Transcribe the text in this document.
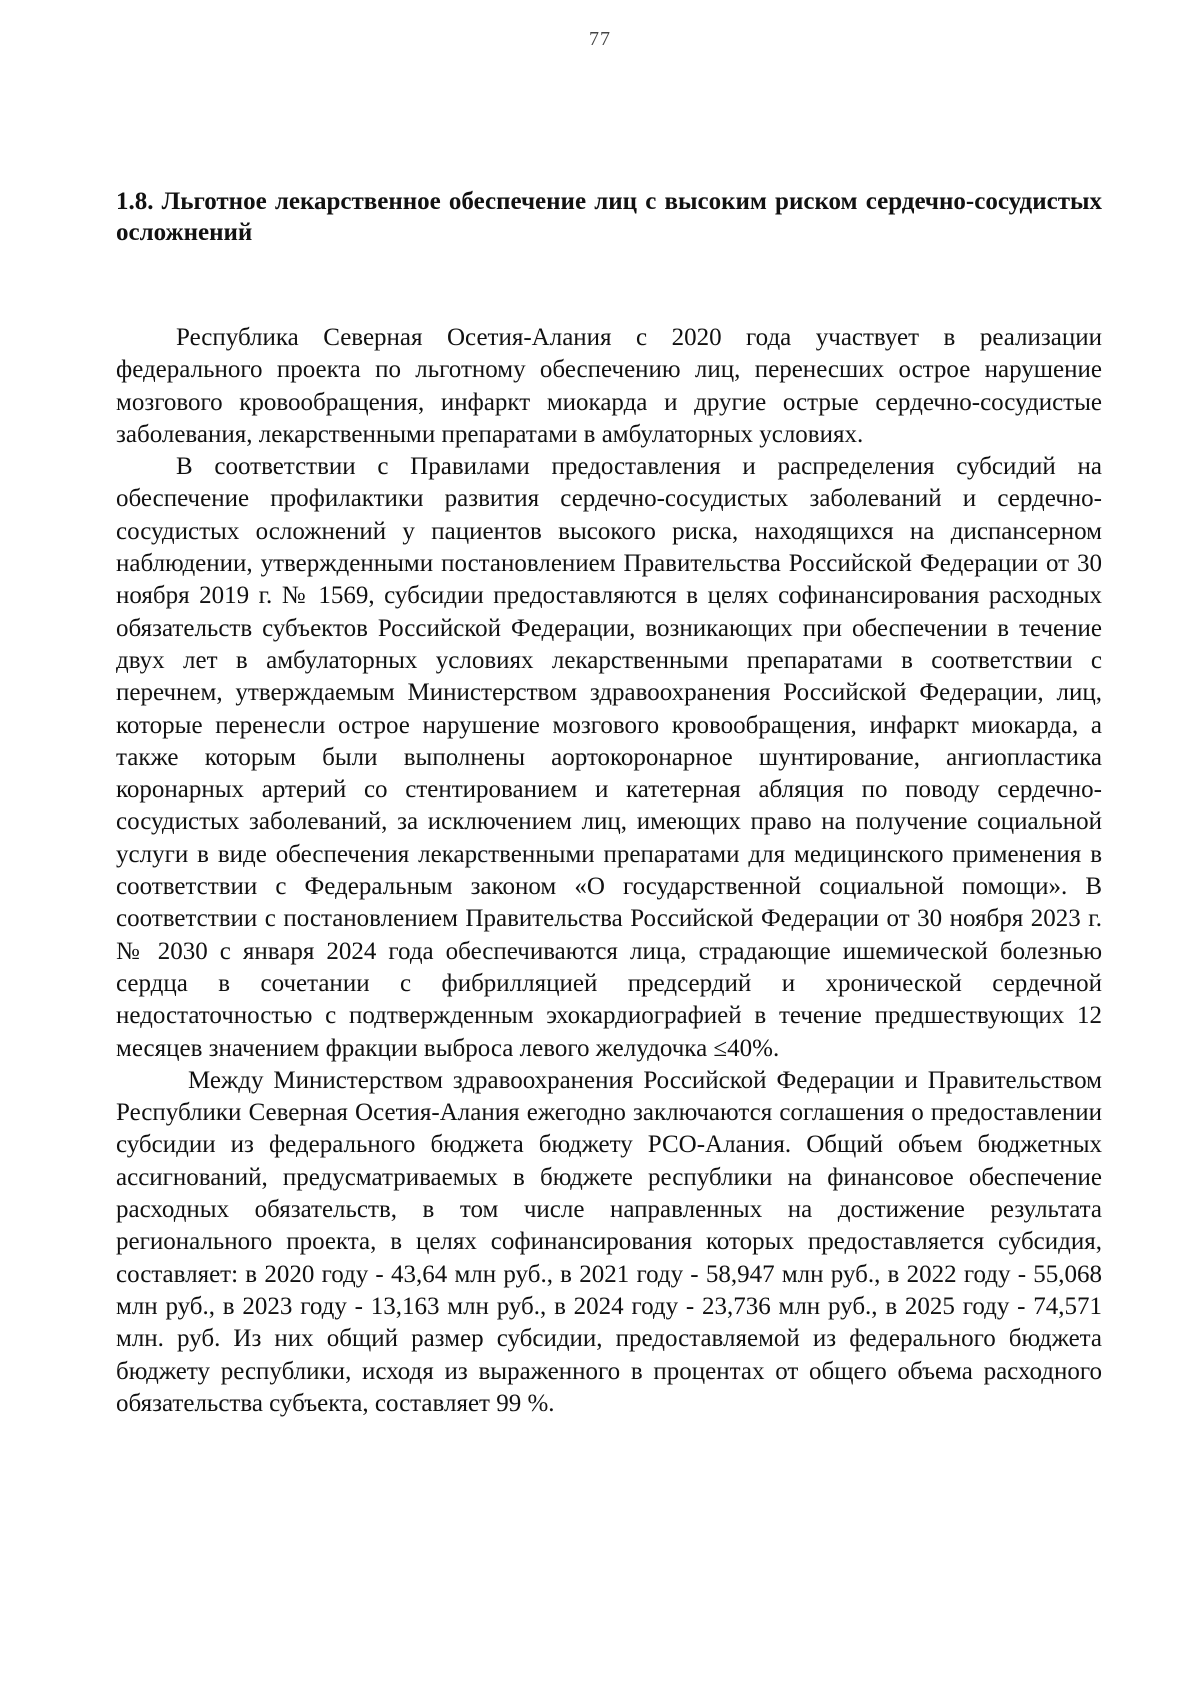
77
1.8. Льготное лекарственное обеспечение лиц с высоким риском сердечно-сосудистых осложнений

Республика Северная Осетия-Алания с 2020 года участвует в реализации федерального проекта по льготному обеспечению лиц, перенесших острое нарушение мозгового кровообращения, инфаркт миокарда и другие острые сердечно-сосудистые заболевания, лекарственными препаратами в амбулаторных условиях.

В соответствии с Правилами предоставления и распределения субсидий на обеспечение профилактики развития сердечно-сосудистых заболеваний и сердечно-сосудистых осложнений у пациентов высокого риска, находящихся на диспансерном наблюдении, утвержденными постановлением Правительства Российской Федерации от 30 ноября 2019 г. № 1569, субсидии предоставляются в целях софинансирования расходных обязательств субъектов Российской Федерации, возникающих при обеспечении в течение двух лет в амбулаторных условиях лекарственными препаратами в соответствии с перечнем, утверждаемым Министерством здравоохранения Российской Федерации, лиц, которые перенесли острое нарушение мозгового кровообращения, инфаркт миокарда, а также которым были выполнены аортокоронарное шунтирование, ангиопластика коронарных артерий со стентированием и катетерная абляция по поводу сердечно-сосудистых заболеваний, за исключением лиц, имеющих право на получение социальной услуги в виде обеспечения лекарственными препаратами для медицинского применения в соответствии с Федеральным законом «О государственной социальной помощи». В соответствии с постановлением Правительства Российской Федерации от 30 ноября 2023 г. № 2030 с января 2024 года обеспечиваются лица, страдающие ишемической болезнью сердца в сочетании с фибрилляцией предсердий и хронической сердечной недостаточностью с подтвержденным эхокардиографией в течение предшествующих 12 месяцев значением фракции выброса левого желудочка ≤40%.

Между Министерством здравоохранения Российской Федерации и Правительством Республики Северная Осетия-Алания ежегодно заключаются соглашения о предоставлении субсидии из федерального бюджета бюджету РСО-Алания. Общий объем бюджетных ассигнований, предусматриваемых в бюджете республики на финансовое обеспечение расходных обязательств, в том числе направленных на достижение результата регионального проекта, в целях софинансирования которых предоставляется субсидия, составляет: в 2020 году - 43,64 млн руб., в 2021 году - 58,947 млн руб., в 2022 году - 55,068 млн руб., в 2023 году - 13,163 млн руб., в 2024 году - 23,736 млн руб., в 2025 году - 74,571 млн. руб. Из них общий размер субсидии, предоставляемой из федерального бюджета бюджету республики, исходя из выраженного в процентах от общего объема расходного обязательства субъекта, составляет 99 %.
